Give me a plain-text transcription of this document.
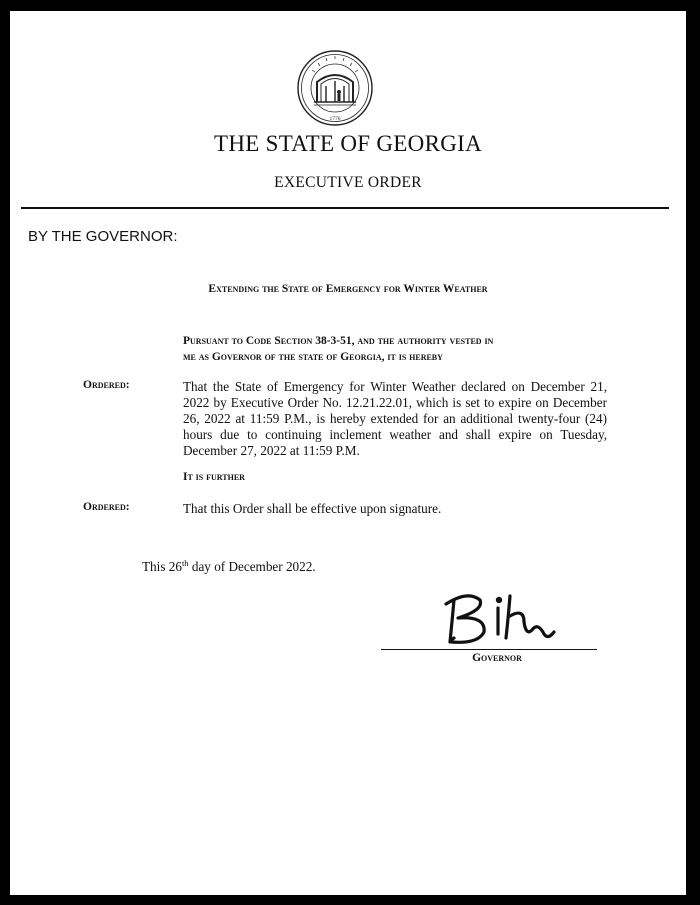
1776
THE STATE OF GEORGIA
EXECUTIVE ORDER
BY THE GOVERNOR:
Extending the State of Emergency for Winter Weather
Pursuant to Code Section 38-3-51, and the authority vested in
me as Governor of the state of Georgia, it is hereby
Ordered:	That the State of Emergency for Winter Weather declared on December 21, 2022 by Executive Order No. 12.21.22.01, which is set to expire on December 26, 2022 at 11:59 P.M., is hereby extended for an additional twenty-four (24) hours due to continuing inclement weather and shall expire on Tuesday, December 27, 2022 at 11:59 P.M.
It is further
Ordered:	That this Order shall be effective upon signature.
This 26th day of December 2022.
Governor
